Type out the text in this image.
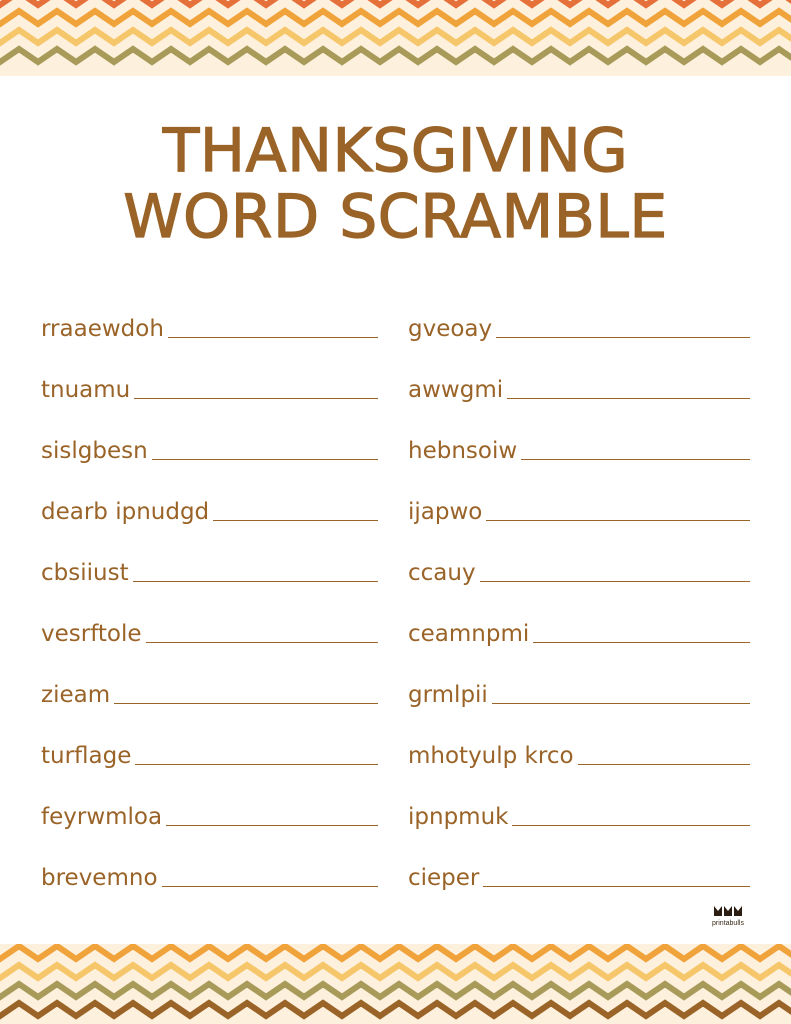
THANKSGIVING
WORD SCRAMBLE
rraaewdoh
tnuamu
sislgbesn
dearb ipnudgd
cbsiiust
vesrftole
zieam
turflage
feyrwmloa
brevemno
gveoay
awwgmi
hebnsoiw
ijapwo
ccauy
ceamnpmi
grmlpii
mhotyulp krco
ipnpmuk
cieper
printabulls
